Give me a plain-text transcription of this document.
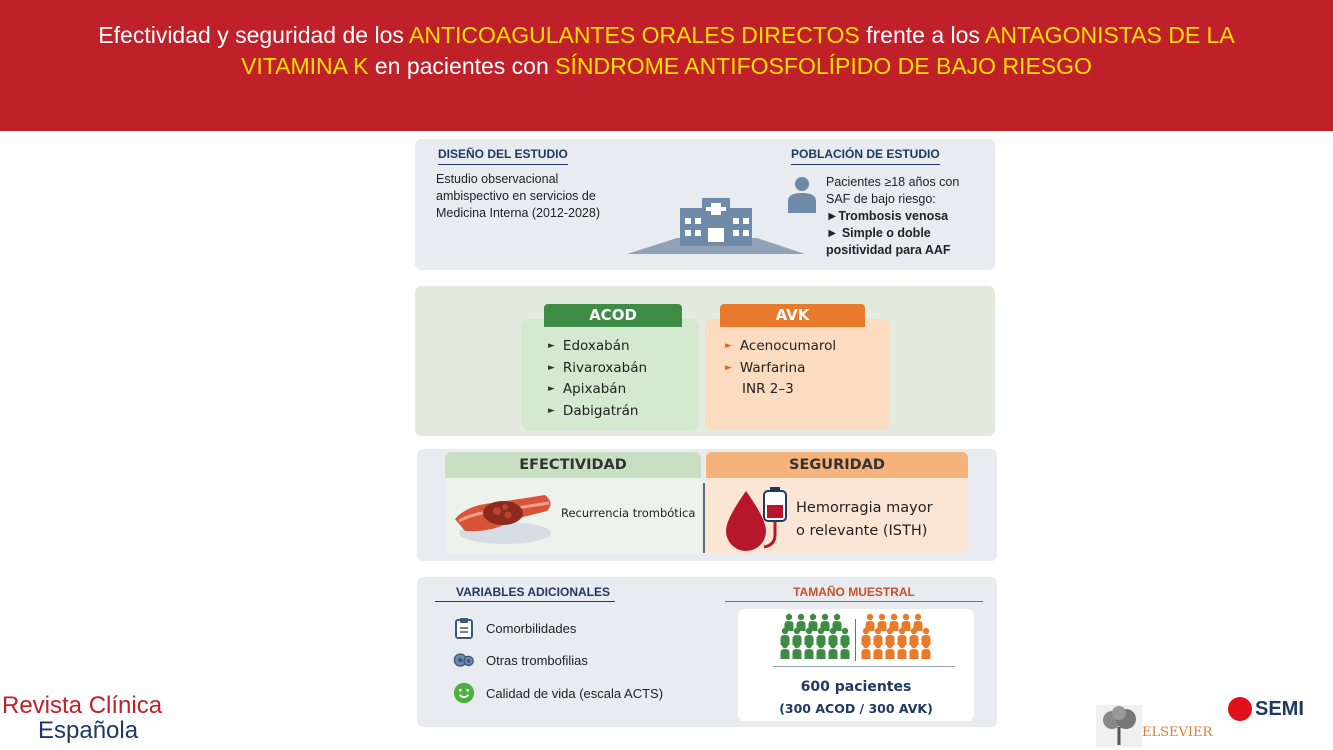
Efectividad y seguridad de los ANTICOAGULANTES ORALES DIRECTOS frente a los ANTAGONISTAS DE LA
VITAMINA K en pacientes con SÍNDROME ANTIFOSFOLÍPIDO DE BAJO RIESGO
DISEÑO DEL ESTUDIO
Estudio observacional
ambispectivo en servicios de
Medicina Interna (2012-2028)
POBLACIÓN DE ESTUDIO
Pacientes ≥18 años con
SAF de bajo riesgo:
►Trombosis venosa
► Simple o doble
positividad para AAF
ACOD	AVK
► Edoxabán
► Rivaroxabán
► Apixabán
► Dabigatrán
► Acenocumarol
► Warfarina
INR 2–3
EFECTIVIDAD	SEGURIDAD
Recurrencia trombótica	Hemorragia mayor
o relevante (ISTH)
VARIABLES ADICIONALES
Comorbilidades
Otras trombofilias
Calidad de vida (escala ACTS)
TAMAÑO MUESTRAL
600 pacientes
(300 ACOD / 300 AVK)
Revista Clínica
Española	ELSEVIER
SEMI
